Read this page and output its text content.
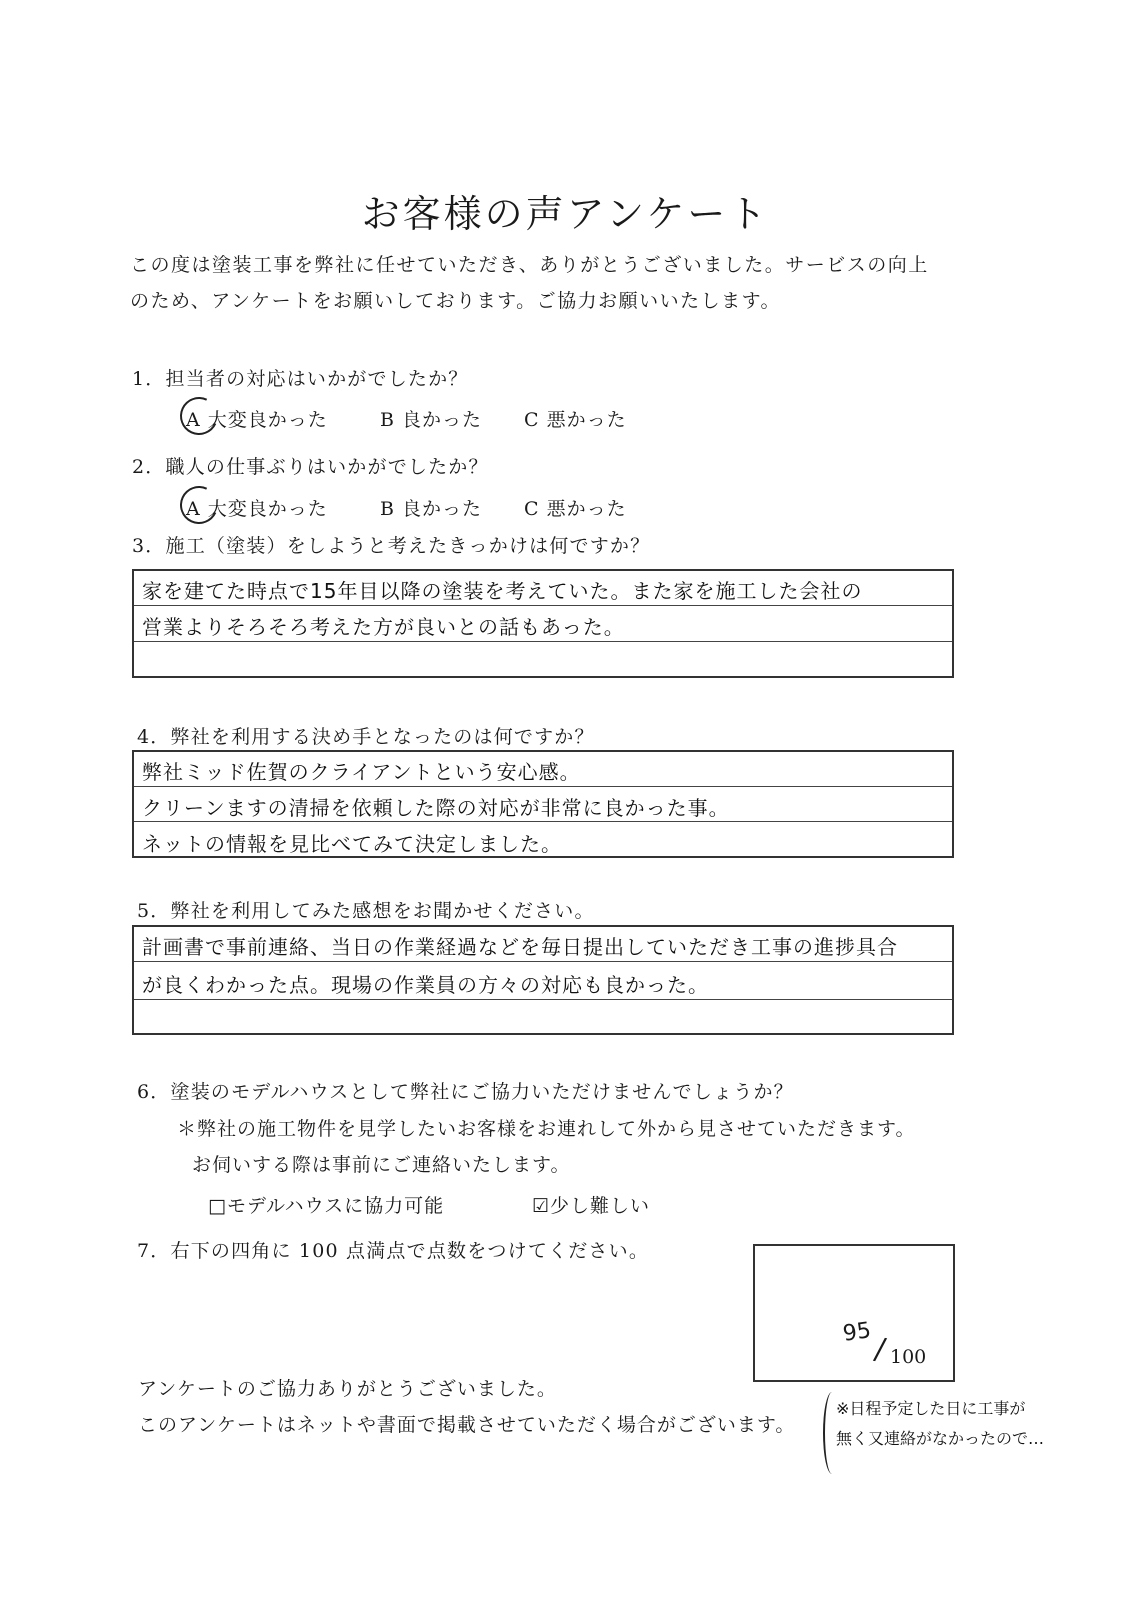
お客様の声アンケート
この度は塗装工事を弊社に任せていただき、ありがとうございました。サービスの向上
のため、アンケートをお願いしております。ご協力お願いいたします。
1．担当者の対応はいかがでしたか？
A 大変良かった	B 良かった C 悪かった
2．職人の仕事ぶりはいかがでしたか？
A 大変良かった	B 良かった C 悪かった
3．施工（塗装）をしようと考えたきっかけは何ですか？
家を建てた時点で15年目以降の塗装を考えていた。また家を施工した会社の
営業よりそろそろ考えた方が良いとの話もあった。
4．弊社を利用する決め手となったのは何ですか？
弊社ミッド佐賀のクライアントという安心感。
クリーンますの清掃を依頼した際の対応が非常に良かった事。
ネットの情報を見比べてみて決定しました。
5．弊社を利用してみた感想をお聞かせください。
計画書で事前連絡、当日の作業経過などを毎日提出していただき工事の進捗具合
が良くわかった点。現場の作業員の方々の対応も良かった。
6．塗装のモデルハウスとして弊社にご協力いただけませんでしょうか？
＊弊社の施工物件を見学したいお客様をお連れして外から見させていただきます。
お伺いする際は事前にご連絡いたします。
□モデルハウスに協力可能	☑少し難しい
7．右下の四角に 100 点満点で点数をつけてください。
95 / 100
アンケートのご協力ありがとうございました。
このアンケートはネットや書面で掲載させていただく場合がございます。
※日程予定した日に工事が
無く又連絡がなかったので…
